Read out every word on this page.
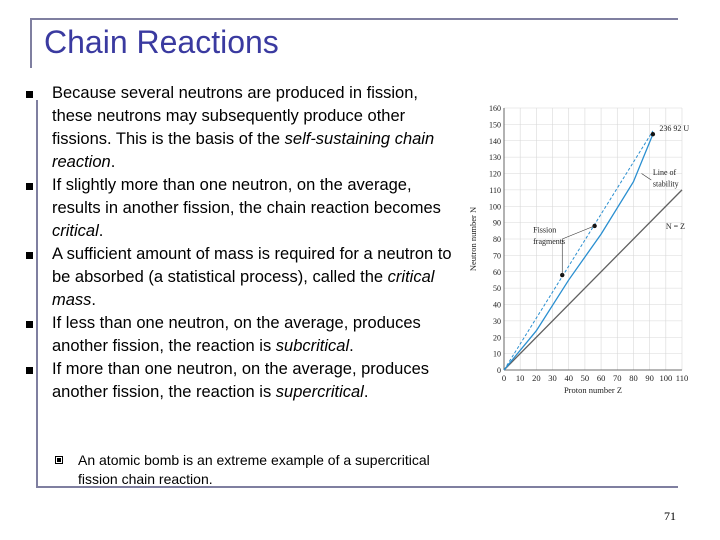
Chain Reactions
Because several neutrons are produced in fission, these neutrons may subsequently produce other fissions. This is the basis of the self-sustaining chain reaction.
If slightly more than one neutron, on the average, results in another fission, the chain reaction becomes critical.
A sufficient amount of mass is required for a neutron to be absorbed (a statistical process), called the critical mass.
If less than one neutron, on the average, produces another fission, the reaction is subcritical.
If more than one neutron, on the average, produces another fission, the reaction is supercritical.
An atomic bomb is an extreme example of a supercritical fission chain reaction.
0 10 20 30 40 50 60 70 80 90 100 110
0
10
20
30
40
50
60
70
80
90
100
110
120
130
140
150
160
Proton number Z
Neutron number N
Line of
stability
Fission
fragments
N = Z
236 92 U
71
